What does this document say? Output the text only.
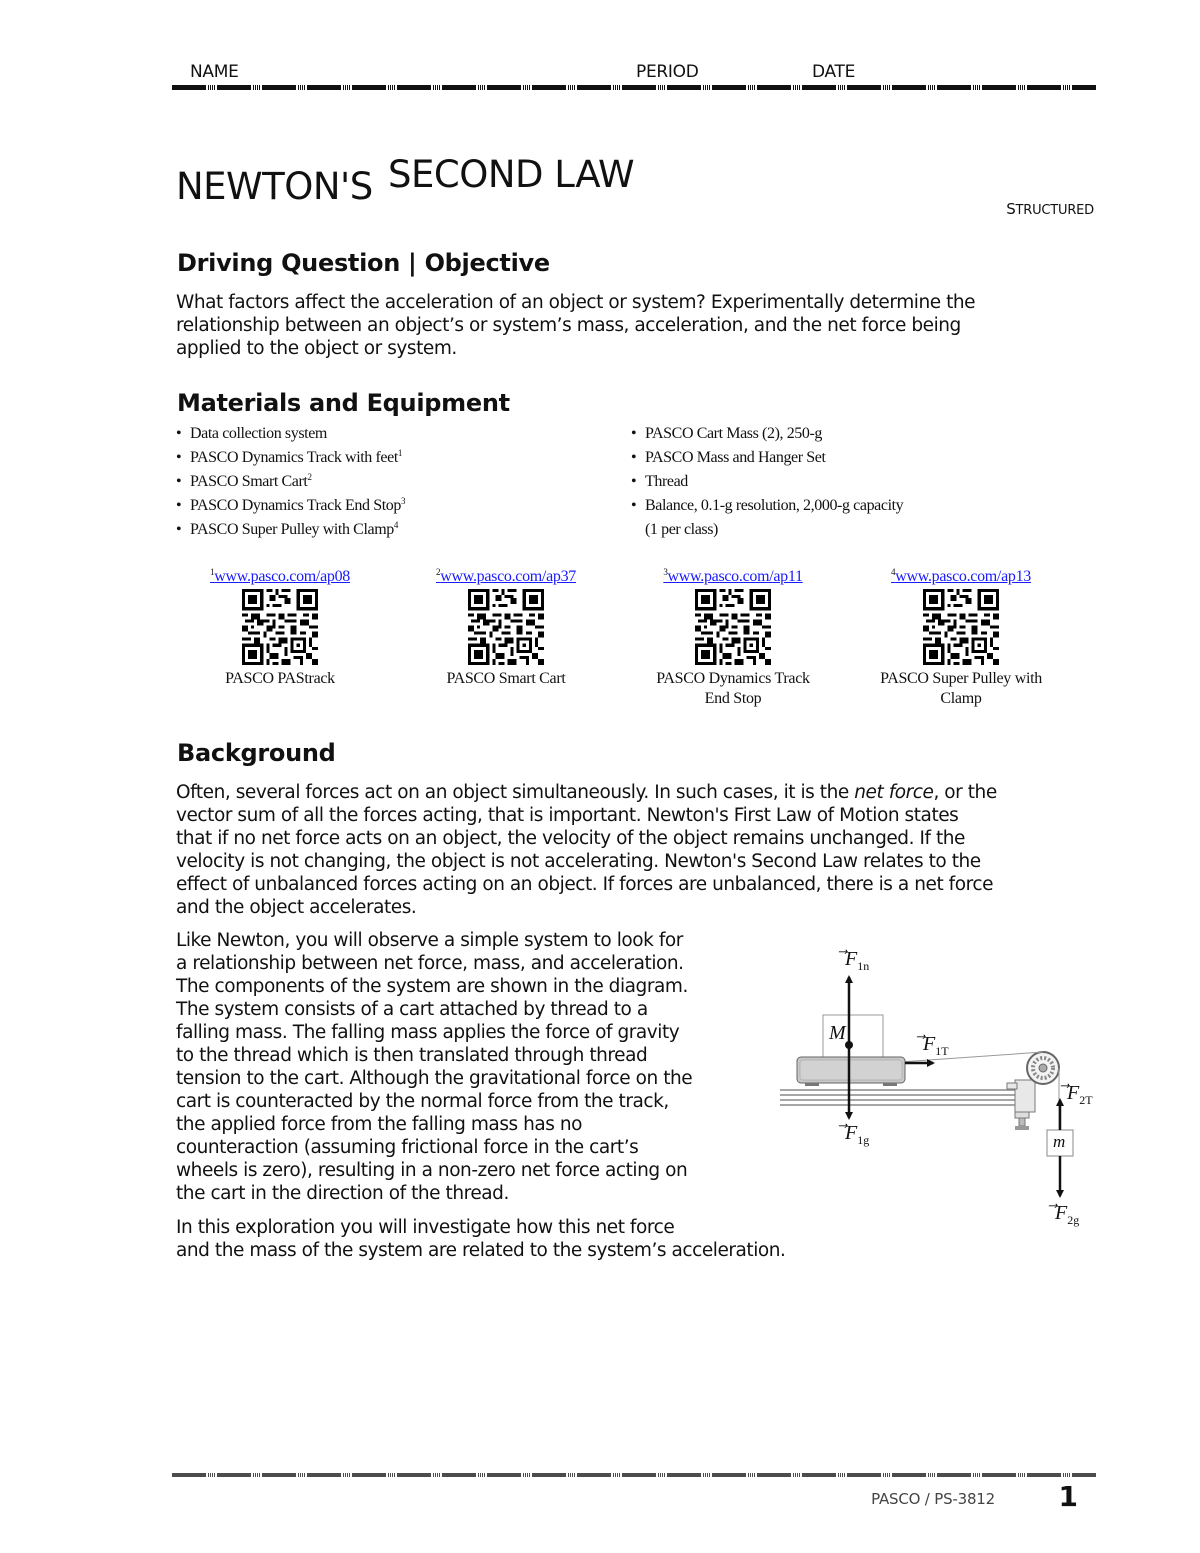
NAME	PERIOD	DATE
NEWTON'S SECOND LAW
STRUCTURED
Driving Question | Objective
What factors affect the acceleration of an object or system? Experimentally determine the
relationship between an object’s or system’s mass, acceleration, and the net force being
applied to the object or system.
Materials and Equipment
• Data collection system
• PASCO Dynamics Track with feet$^1$
• PASCO Smart Cart$^2$
• PASCO Dynamics Track End Stop$^3$
• PASCO Super Pulley with Clamp$^4$
• PASCO Cart Mass (2), 250-g
• PASCO Mass and Hanger Set
• Thread
• Balance, 0.1-g resolution, 2,000-g capacity
(1 per class)
$^1$www.pasco.com/ap08
PASCO PAStrack
$^2$www.pasco.com/ap37
PASCO Smart Cart
$^3$www.pasco.com/ap11
PASCO Dynamics Track
End Stop
$^4$www.pasco.com/ap13
PASCO Super Pulley with
Clamp
Background
Often, several forces act on an object simultaneously. In such cases, it is the net force, or the
vector sum of all the forces acting, that is important. Newton's First Law of Motion states
that if no net force acts on an object, the velocity of the object remains unchanged. If the
velocity is not changing, the object is not accelerating. Newton's Second Law relates to the
effect of unbalanced forces acting on an object. If forces are unbalanced, there is a net force
and the object accelerates.
Like Newton, you will observe a simple system to look for
a relationship between net force, mass, and acceleration.
The components of the system are shown in the diagram.
The system consists of a cart attached by thread to a
falling mass. The falling mass applies the force of gravity
to the thread which is then translated through thread
tension to the cart. Although the gravitational force on the
cart is counteracted by the normal force from the track,
the applied force from the falling mass has no
counteraction (assuming frictional force in the cart’s
wheels is zero), resulting in a non-zero net force acting on
the cart in the direction of the thread.
In this exploration you will investigate how this net force
and the mass of the system are related to the system’s acceleration.
M
m
$F_{1n}$
$F_{1g}$
$F_{1T}$
$F_{2T}$
$F_{2g}$
PASCO / PS-3812 1
